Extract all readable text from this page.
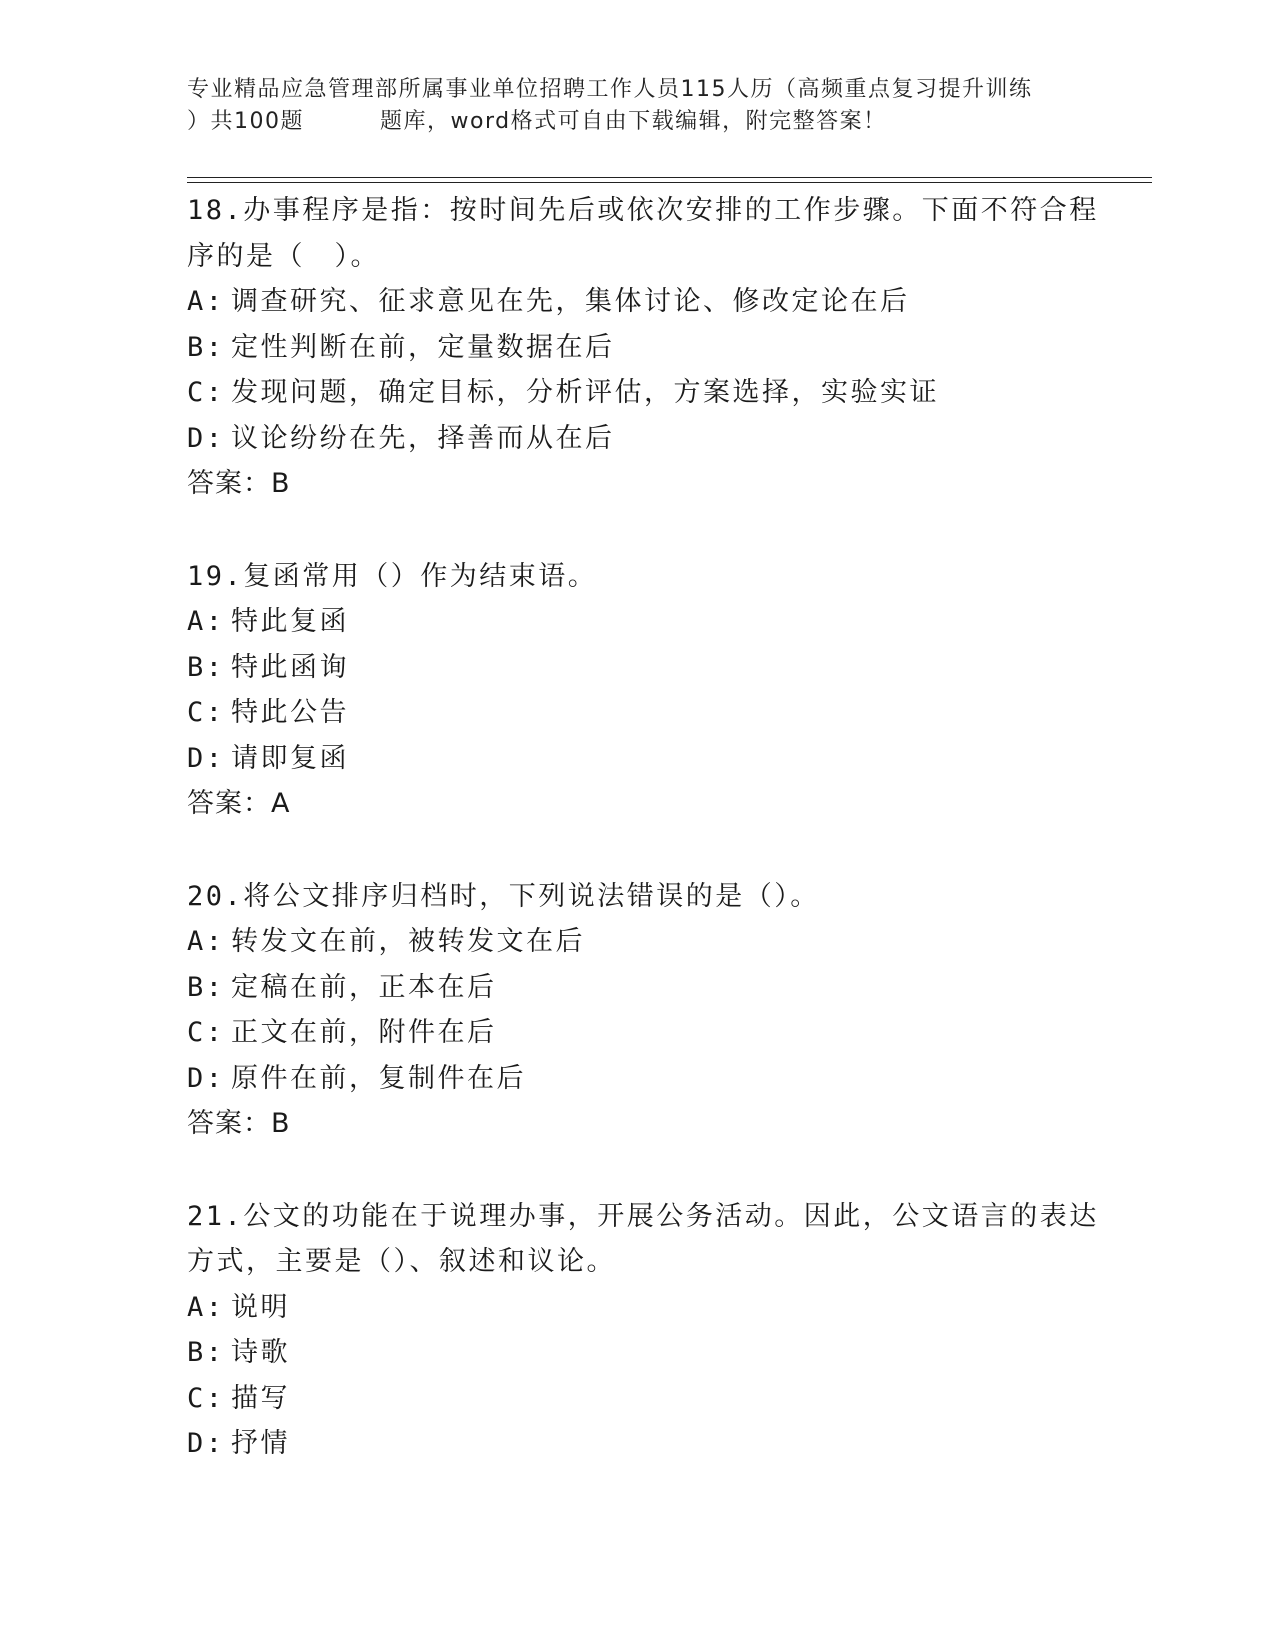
专业精品应急管理部所属事业单位招聘工作人员115人历（高频重点复习提升训练
）共100题	题库，word格式可自由下载编辑，附完整答案！
18.办事程序是指：按时间先后或依次安排的工作步骤。下面不符合程
序的是（　）。
A: 调查研究、征求意见在先，集体讨论、修改定论在后
B: 定性判断在前，定量数据在后
C: 发现问题，确定目标，分析评估，方案选择，实验实证
D: 议论纷纷在先，择善而从在后
答案：B
19.复函常用（）作为结束语。
A: 特此复函
B: 特此函询
C: 特此公告
D: 请即复函
答案：A
20.将公文排序归档时，下列说法错误的是（）。
A: 转发文在前，被转发文在后
B: 定稿在前，正本在后
C: 正文在前，附件在后
D: 原件在前，复制件在后
答案：B
21.公文的功能在于说理办事，开展公务活动。因此，公文语言的表达
方式，主要是（）、叙述和议论。
A: 说明
B: 诗歌
C: 描写
D: 抒情
